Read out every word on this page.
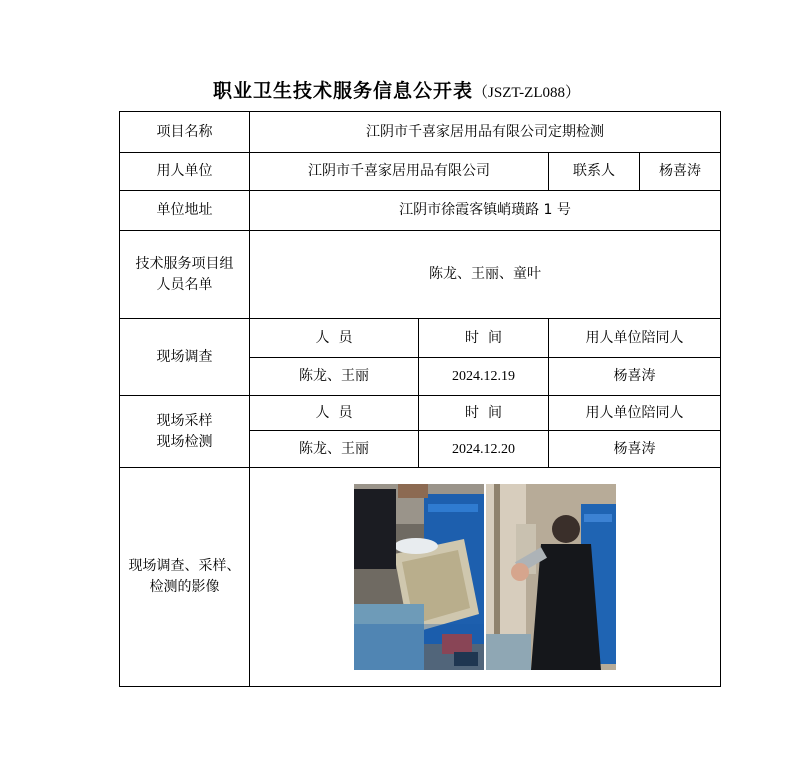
职业卫生技术服务信息公开表（JSZT-ZL088）
项目名称	江阴市千喜家居用品有限公司定期检测			
用人单位	江阴市千喜家居用品有限公司		联系人	杨喜涛
单位地址	江阴市徐霞客镇峭璜路 1 号			

技术服务项目组
人员名单	陈龙、王丽、童叶			
现场调查	人  员	时  间	用人单位陪同人	
	陈龙、王丽	2024.12.19	杨喜涛	

现场采样
现场检测	人  员	时  间	用人单位陪同人	
	陈龙、王丽	2024.12.20	杨喜涛	

现场调查、采样、
检测的影像
